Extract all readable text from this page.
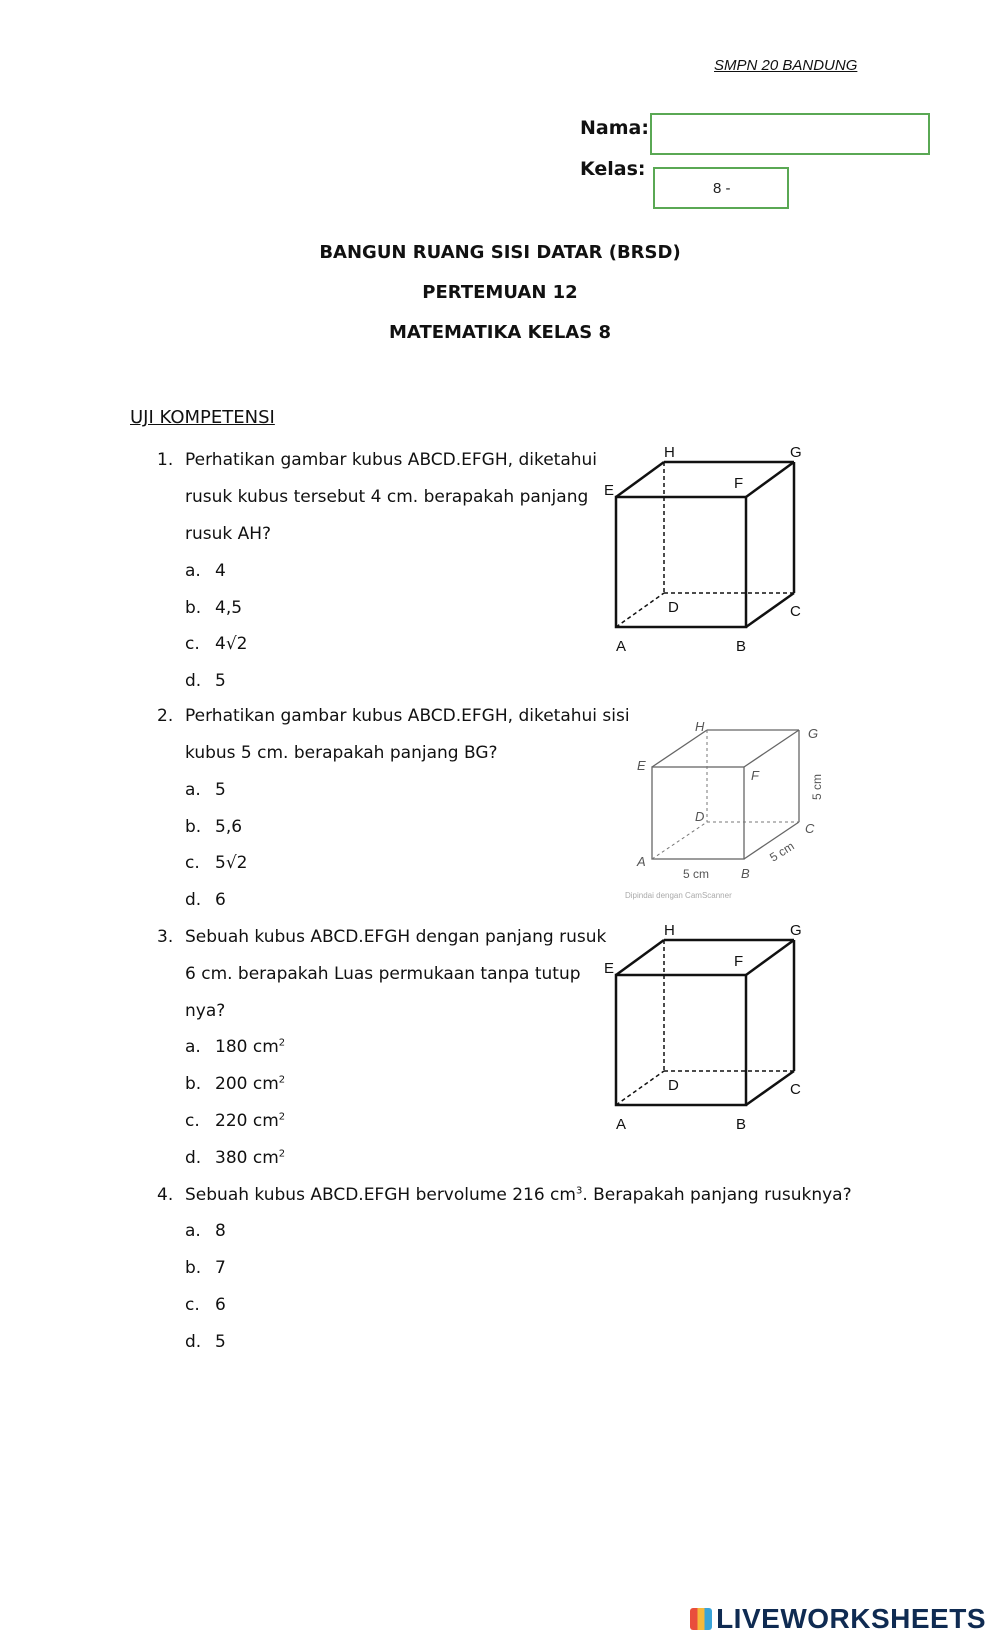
SMPN 20 BANDUNG
Nama:
Kelas:
8 -
BANGUN RUANG SISI DATAR (BRSD)
PERTEMUAN 12
MATEMATIKA KELAS 8
UJI KOMPETENSI
1. Perhatikan gambar kubus ABCD.EFGH, diketahui
rusuk kubus tersebut 4 cm. berapakah panjang
rusuk AH?
a. 4
b. 4,5
c. 4√2
d. 5
A	B
C
D
E	F
G
H
2. Perhatikan gambar kubus ABCD.EFGH, diketahui sisi
kubus 5 cm. berapakah panjang BG?
a. 5
b. 5,6
c. 5√2
d. 6
A
B
C
D
E
F
G
H
5 cm
5 cm
5 cm
Dipindai dengan CamScanner
3. Sebuah kubus ABCD.EFGH dengan panjang rusuk
6 cm. berapakah Luas permukaan tanpa tutup
nya?
a. 180 $cm^2$
b. 200 $cm^2$
c. 220 $cm^2$
d. 380 $cm^2$
A	B
C
D
E	F
G
H
4. Sebuah kubus ABCD.EFGH bervolume 216 $cm^3$. Berapakah panjang rusuknya?
a. 8
b. 7
c. 6
d. 5
LIVEWORKSHEETS
